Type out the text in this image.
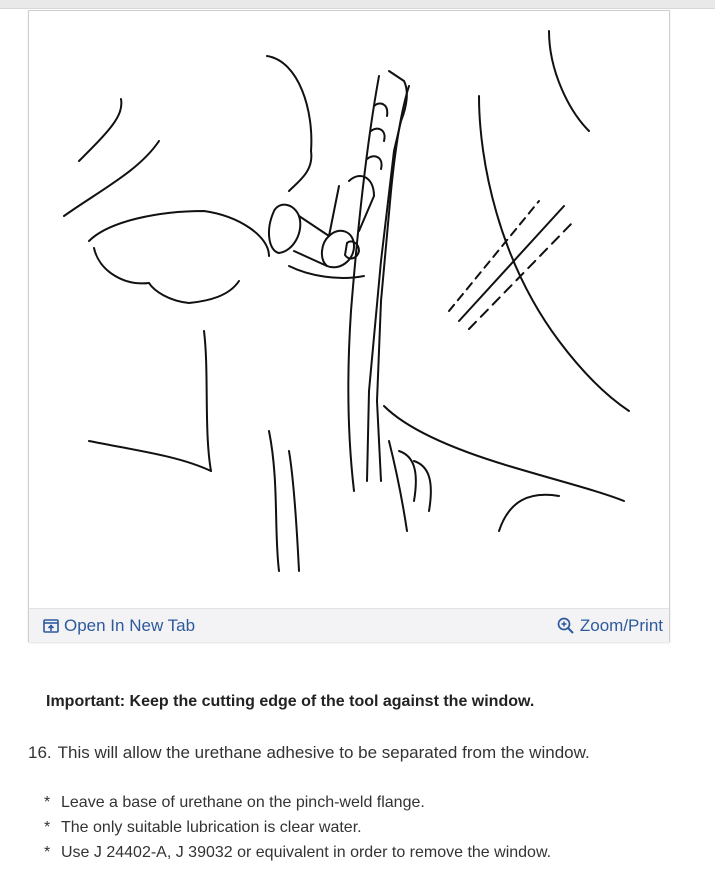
Open In New Tab	Zoom/Print
Important: Keep the cutting edge of the tool against the window.
16. This will allow the urethane adhesive to be separated from the window.
* Leave a base of urethane on the pinch-weld flange.
* The only suitable lubrication is clear water.
* Use J 24402-A, J 39032 or equivalent in order to remove the window.
